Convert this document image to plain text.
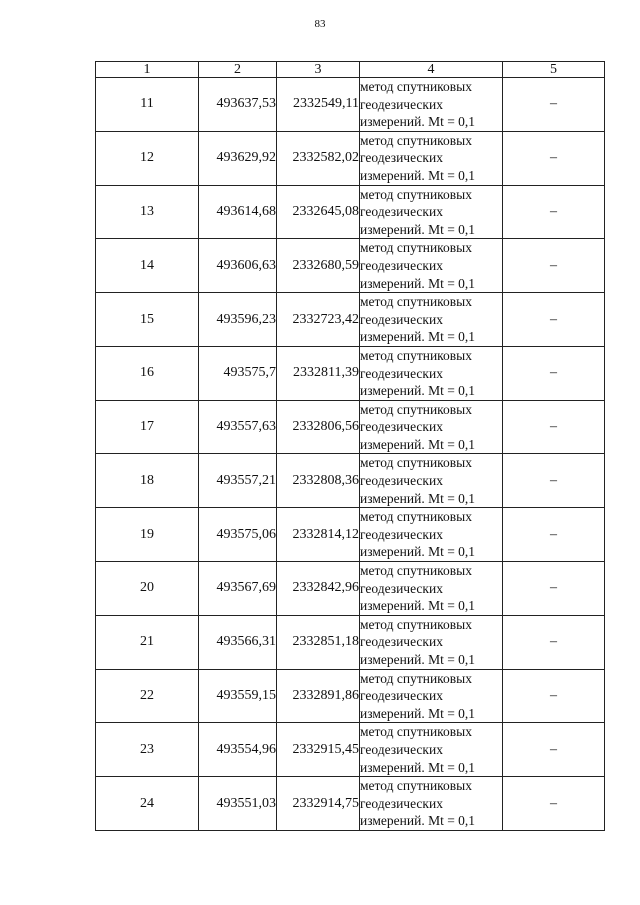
83
1	2	3	4	5
11	493637,53	2332549,11	метод спутниковых
геодезических
измерений. Mt = 0,1	–
12	493629,92	2332582,02	метод спутниковых
геодезических
измерений. Mt = 0,1	–
13	493614,68	2332645,08	метод спутниковых
геодезических
измерений. Mt = 0,1	–
14	493606,63	2332680,59	метод спутниковых
геодезических
измерений. Mt = 0,1	–
15	493596,23	2332723,42	метод спутниковых
геодезических
измерений. Mt = 0,1	–
16	493575,7	2332811,39	метод спутниковых
геодезических
измерений. Mt = 0,1	–
17	493557,63	2332806,56	метод спутниковых
геодезических
измерений. Mt = 0,1	–
18	493557,21	2332808,36	метод спутниковых
геодезических
измерений. Mt = 0,1	–
19	493575,06	2332814,12	метод спутниковых
геодезических
измерений. Mt = 0,1	–
20	493567,69	2332842,96	метод спутниковых
геодезических
измерений. Mt = 0,1	–
21	493566,31	2332851,18	метод спутниковых
геодезических
измерений. Mt = 0,1	–
22	493559,15	2332891,86	метод спутниковых
геодезических
измерений. Mt = 0,1	–
23	493554,96	2332915,45	метод спутниковых
геодезических
измерений. Mt = 0,1	–
24	493551,03	2332914,75	метод спутниковых
геодезических
измерений. Mt = 0,1	–
